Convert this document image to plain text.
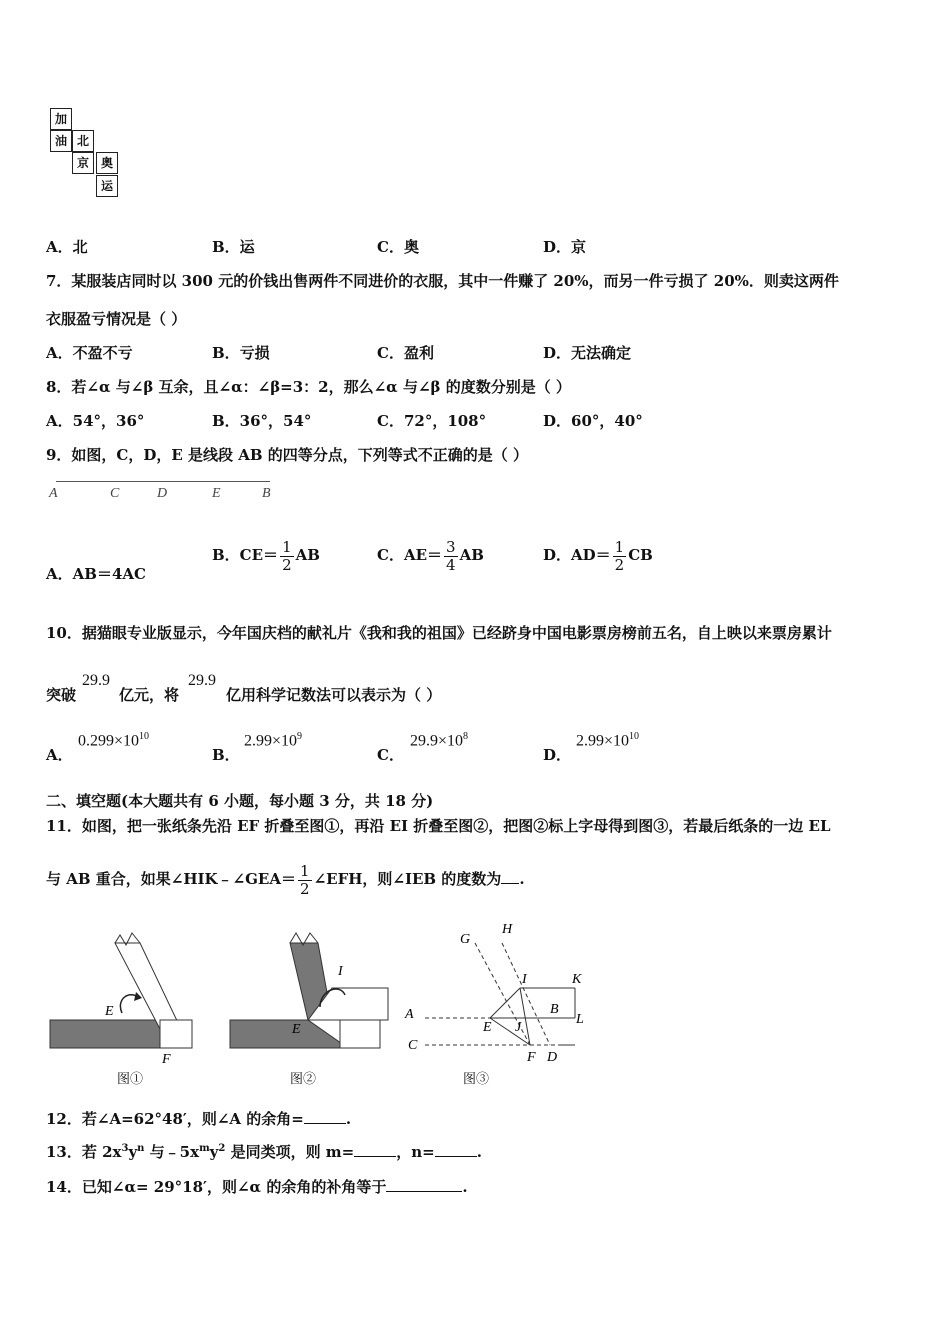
加
油 北
京 奥
运
A．北	B．运	C．奥	D．京
7．某服装店同时以 300 元的价钱出售两件不同进价的衣服，其中一件赚了 20%，而另一件亏损了 20%．则卖这两件
衣服盈亏情况是（ ）
A．不盈不亏	B．亏损	C．盈利	D．无法确定
8．若∠α 与∠β 互余，且∠α：∠β=3：2，那么∠α 与∠β 的度数分别是（ ）
A．54°，36°	B．36°，54°	C．72°，108°	D．60°，40°
9．如图，C，D，E 是线段 AB 的四等分点，下列等式不正确的是（ ）
A	C	D	E	B
A．AB＝4AC
B．$CE= \frac{1}{2}$ AB	C．$AE= \frac{3}{4}$ AB	D．$AD= \frac{1}{2}$ CB
10．据猫眼专业版显示，今年国庆档的献礼片《我和我的祖国》已经跻身中国电影票房榜前五名，自上映以来票房累计
突破
29.9
亿元，将
29.9
亿用科学记数法可以表示为（ ）
A．
$0.299\times 10^{10}$
B．
$2.99\times 10^9$
C．
$29.9\times 10^8$
D．
$2.99\times 10^{10}$
二、填空题(本大题共有 6 小题，每小题 3 分，共 18 分)
11．如图，把一张纸条先沿 EF 折叠至图①，再沿 EI 折叠至图②，把图②标上字母得到图③，若最后纸条的一边 EL
与 AB 重合，如果∠HIK﹣∠GEA＝ $\frac{1}{2}$ ∠EFH，则∠IEB 的度数为 .
E
F
I
E
G
H
I	K
A	B
L
C
E J
F D
图①	图②	图③
12．若∠A=62°48′，则∠A 的余角=	.
13．若 $2x^3y^n$ 与$﹣5x^my^2$ 是同类项，则 m=	，n=	.
14．已知∠α= 29°18′，则∠α 的余角的补角等于	.
